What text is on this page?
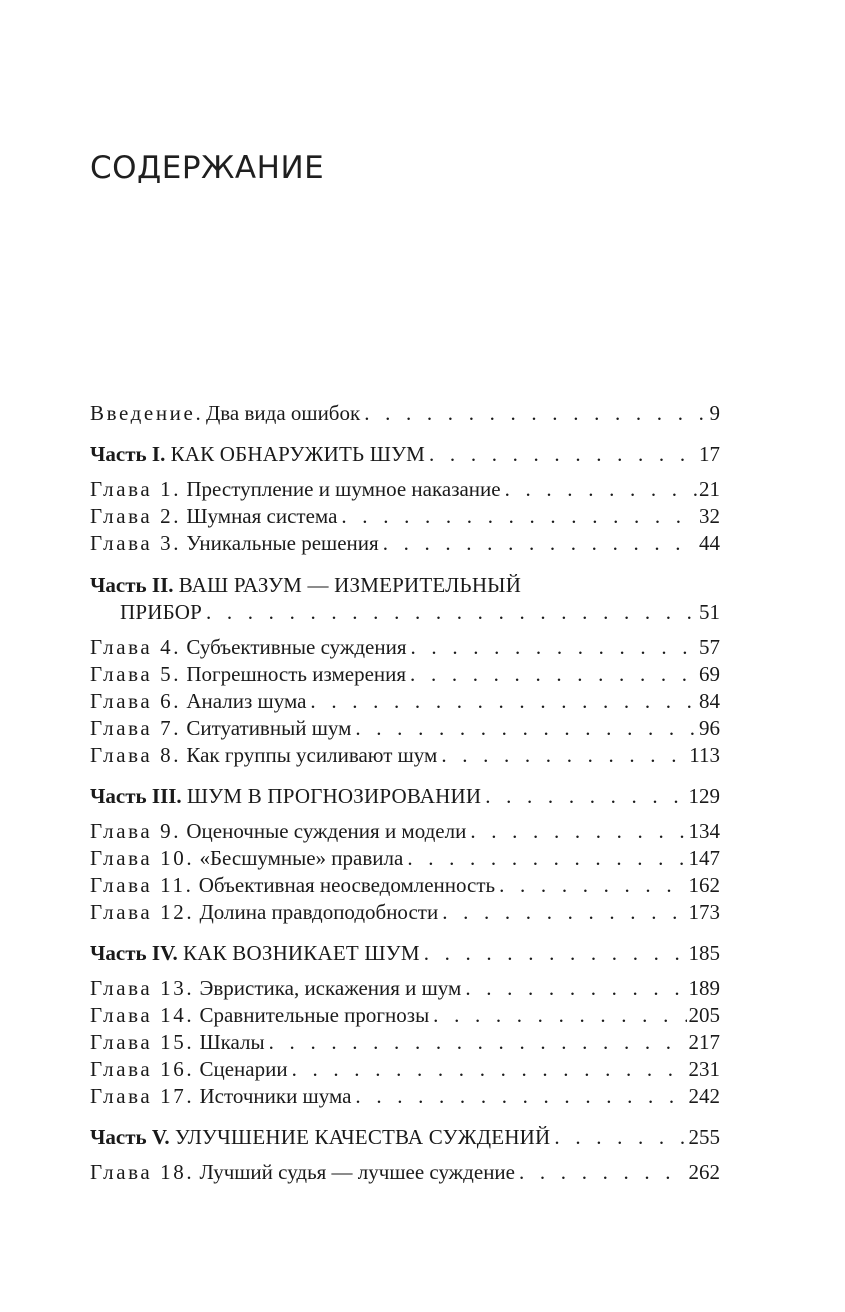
СОДЕРЖАНИЕ
Введение. Два вида ошибок . . .	9
Часть I. КАК ОБНАРУЖИТЬ ШУМ . . .	17
Глава 1. Преступление и шумное наказание . . .	21
Глава 2. Шумная система . . .	32
Глава 3. Уникальные решения . . .	44
Часть II. ВАШ РАЗУМ — ИЗМЕРИТЕЛЬНЫЙ
ПРИБОР . . .	51
Глава 4. Субъективные суждения . . .	57
Глава 5. Погрешность измерения . . .	69
Глава 6. Анализ шума . . .	84
Глава 7. Ситуативный шум . . .	96
Глава 8. Как группы усиливают шум . . .	113
Часть III. ШУМ В ПРОГНОЗИРОВАНИИ . . .	129
Глава 9. Оценочные суждения и модели . . .	134
Глава 10. «Бесшумные» правила . . .	147
Глава 11. Объективная неосведомленность . . .	162
Глава 12. Долина правдоподобности . . .	173
Часть IV. КАК ВОЗНИКАЕТ ШУМ . . .	185
Глава 13. Эвристика, искажения и шум . . .	189
Глава 14. Сравнительные прогнозы . . .	205
Глава 15. Шкалы . . .	217
Глава 16. Сценарии . . .	231
Глава 17. Источники шума . . .	242
Часть V. УЛУЧШЕНИЕ КАЧЕСТВА СУЖДЕНИЙ . . .	255
Глава 18. Лучший судья — лучшее суждение . . .	262
